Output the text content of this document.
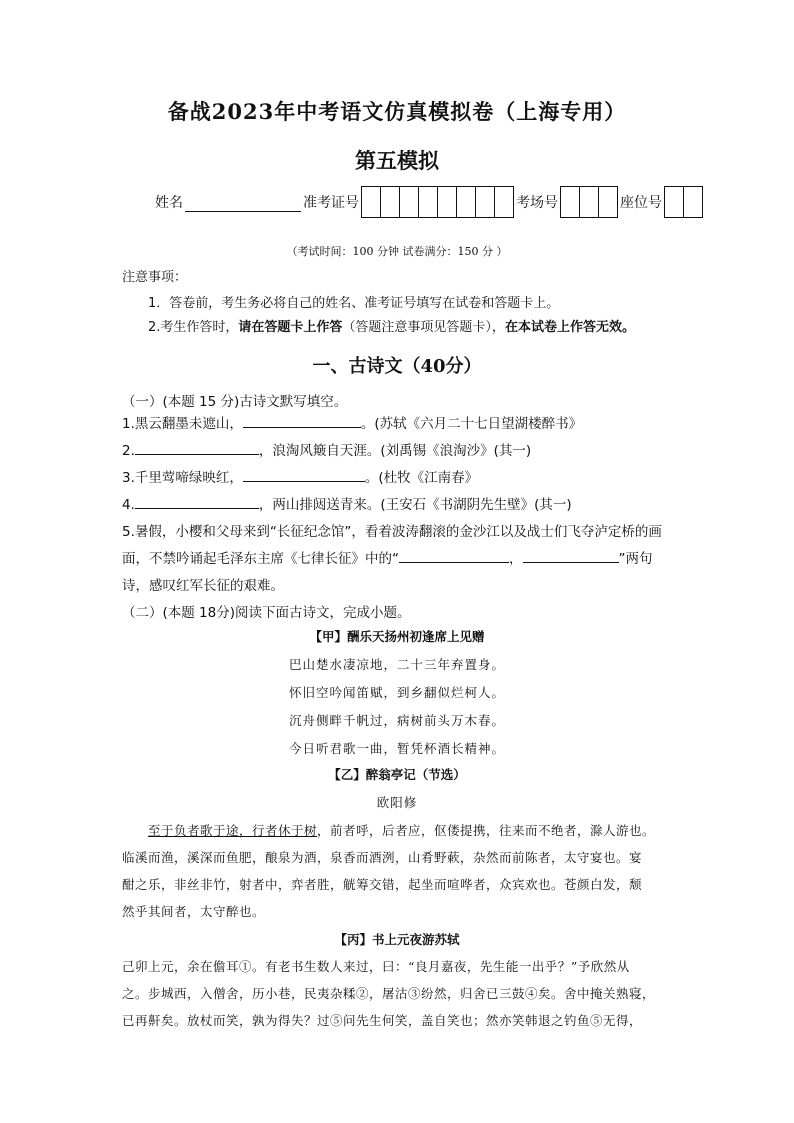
备战2023年中考语文仿真模拟卷（上海专用）
第五模拟
姓名	准考证号	考场号	座位号
（考试时间：100 分钟 试卷满分：150 分 ）
注意事项：
1．答卷前，考生务必将自己的姓名、准考证号填写在试卷和答题卡上。
2.考生作答时，请在答题卡上作答（答题注意事项见答题卡），在本试卷上作答无效。
一、古诗文（40分）
（一）(本题 15 分)古诗文默写填空。
1.黑云翻墨未遮山，	。(苏轼《六月二十七日望湖楼醉书》
2.	，浪淘风簸自天涯。(刘禹锡《浪淘沙》(其一)
3.千里莺啼绿映红，	。(杜牧《江南春》
4.	，两山排闼送青来。(王安石《书湖阴先生壁》(其一)
5.暑假，小樱和父母来到“长征纪念馆”，看着波涛翻滚的金沙江以及战士们飞夺泸定桥的画
面，不禁吟诵起毛泽东主席《七律长征》中的“	，	”两句
诗，感叹红军长征的艰难。
（二）(本题 18分)阅读下面古诗文，完成小题。
【甲】酬乐天扬州初逢席上见赠
巴山楚水凄凉地，二十三年弃置身。
怀旧空吟闻笛赋，到乡翻似烂柯人。
沉舟侧畔千帆过，病树前头万木春。
今日听君歌一曲，暂凭杯酒长精神。
【乙】醉翁亭记（节选）
欧阳修
至于负者歌于途，行者休于树，前者呼，后者应，伛偻提携，往来而不绝者，滁人游也。
临溪而渔，溪深而鱼肥，酿泉为酒，泉香而酒洌，山肴野蔌，杂然而前陈者，太守宴也。宴
酣之乐，非丝非竹，射者中，弈者胜，觥筹交错，起坐而喧哗者，众宾欢也。苍颜白发，颓
然乎其间者，太守醉也。
【丙】书上元夜游苏轼
己卯上元，余在儋耳①。有老书生数人来过，曰：“良月嘉夜，先生能一出乎？”予欣然从
之。步城西，入僧舍，历小巷，民夷杂糅②，屠沽③纷然，归舍已三鼓④矣。舍中掩关熟寝，
已再鼾矣。放杖而笑，孰为得失？过⑤问先生何笑，盖自笑也；然亦笑韩退之钓鱼⑤无得，
